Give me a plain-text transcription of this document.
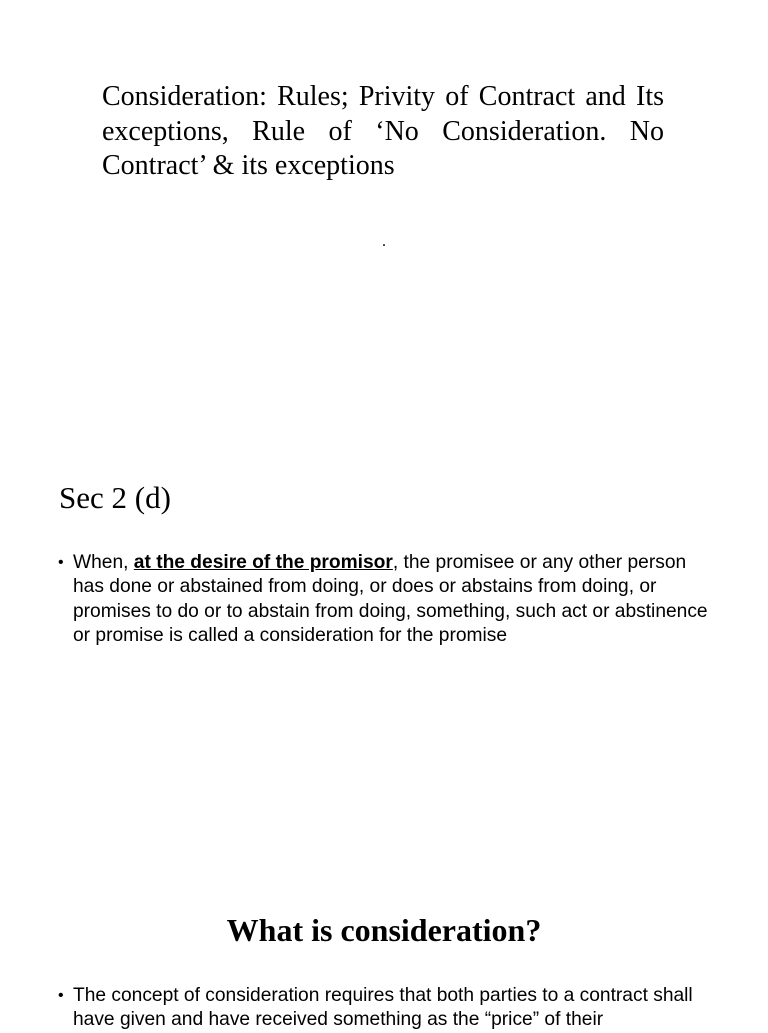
Consideration: Rules; Privity of Contract and Its exceptions, Rule of ‘No Consideration. No Contract’ & its exceptions
.
Sec 2 (d)
• When, at the desire of the promisor, the promisee or any other person has done or abstained from doing, or does or abstains from doing, or promises to do or to abstain from doing, something, such act or abstinence or promise is called a consideration for the promise
What is consideration?
• The concept of consideration requires that both parties to a contract shall have given and have received something as the “price” of their
